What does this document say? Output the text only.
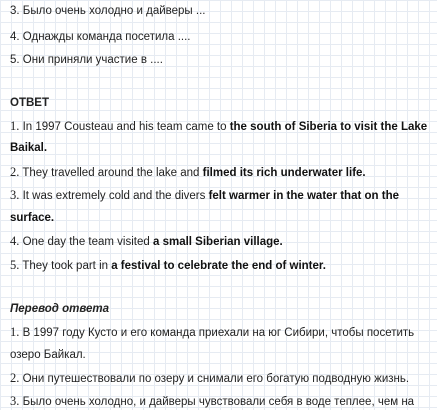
3. Было очень холодно и дайверы ...
4. Однажды команда посетила ....
5. Они приняли участие в ....
ОТВЕТ
1. In 1997 Cousteau and his team came to the south of Siberia to visit the Lake
Baikal.
2. They travelled around the lake and filmed its rich underwater life.
3. It was extremely cold and the divers felt warmer in the water that on the
surface.
4. One day the team visited a small Siberian village.
5. They took part in a festival to celebrate the end of winter.
Перевод ответа
1. В 1997 году Кусто и его команда приехали на юг Сибири, чтобы посетить
озеро Байкал.
2. Они путешествовали по озеру и снимали его богатую подводную жизнь.
3. Было очень холодно, и дайверы чувствовали себя в воде теплее, чем на
